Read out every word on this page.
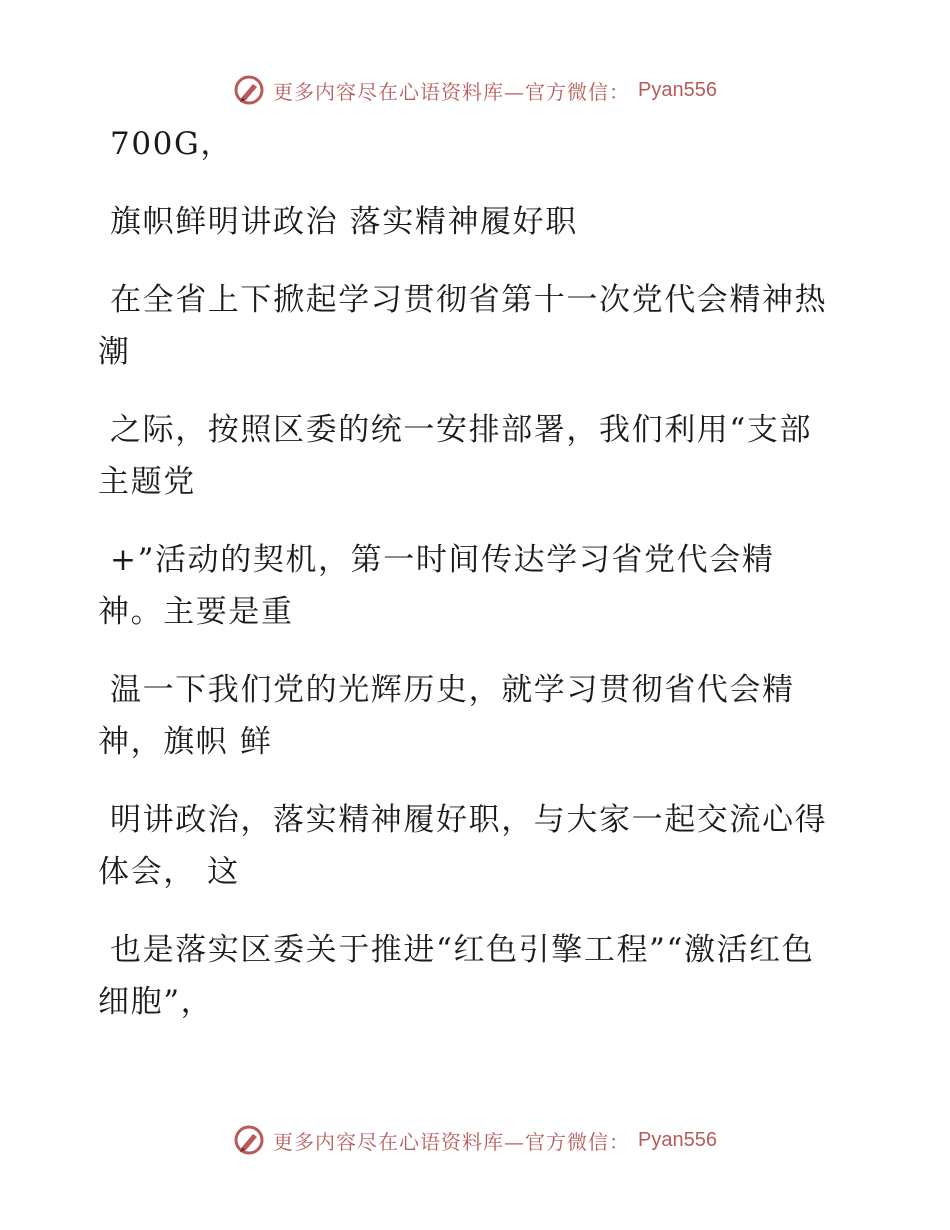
更多内容尽在心语资料库—官方微信： Pyan556

700G，

旗帜鲜明讲政治 落实精神履好职

在全省上下掀起学习贯彻省第十一次党代会精神热潮

之际，按照区委的统一安排部署，我们利用“支部主题党

+”活动的契机，第一时间传达学习省党代会精神。主要是重

温一下我们党的光辉历史，就学习贯彻省代会精神，旗帜 鲜

明讲政治，落实精神履好职，与大家一起交流心得体会， 这

也是落实区委关于推进“红色引擎工程”“激活红色细胞”，

更多内容尽在心语资料库—官方微信： Pyan556
